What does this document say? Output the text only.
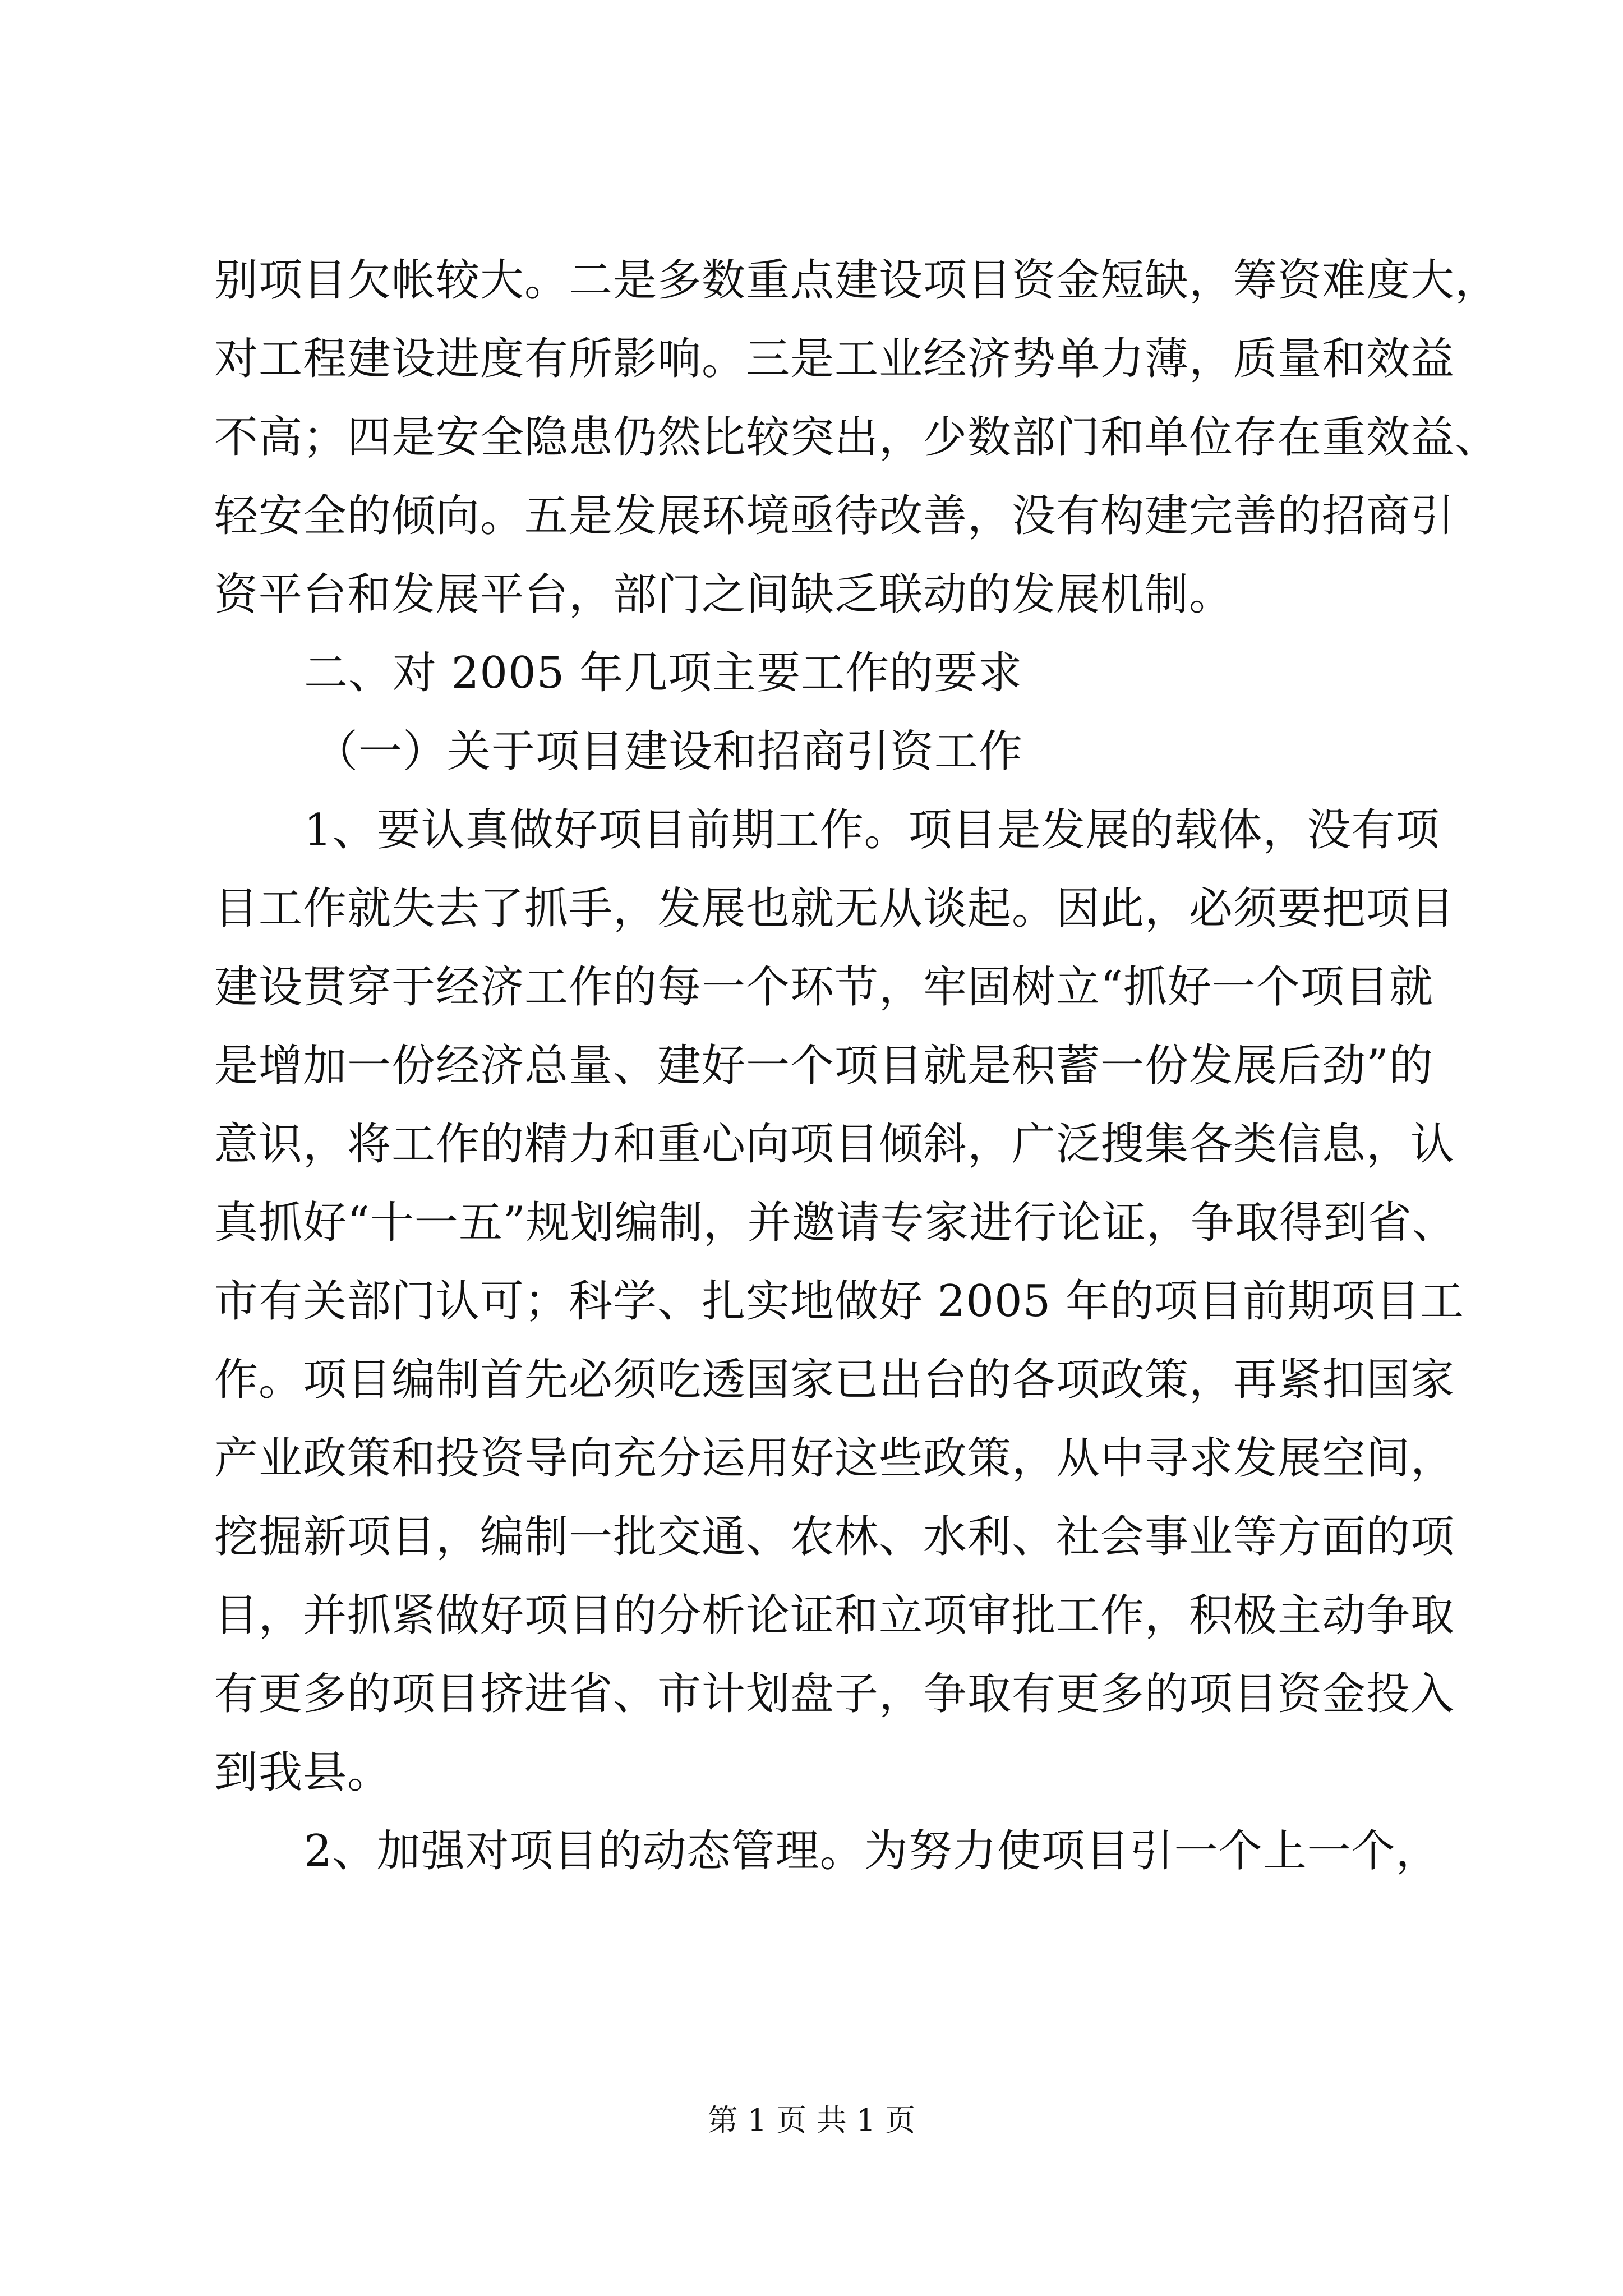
别项目欠帐较大。二是多数重点建设项目资金短缺，筹资难度大，
对工程建设进度有所影响。三是工业经济势单力薄，质量和效益
不高；四是安全隐患仍然比较突出，少数部门和单位存在重效益、
轻安全的倾向。五是发展环境亟待改善，没有构建完善的招商引
资平台和发展平台，部门之间缺乏联动的发展机制。
二、对 2005 年几项主要工作的要求
（一）关于项目建设和招商引资工作
1、要认真做好项目前期工作。项目是发展的载体，没有项
目工作就失去了抓手，发展也就无从谈起。因此，必须要把项目
建设贯穿于经济工作的每一个环节，牢固树立“抓好一个项目就
是增加一份经济总量、建好一个项目就是积蓄一份发展后劲”的
意识，将工作的精力和重心向项目倾斜，广泛搜集各类信息，认
真抓好“十一五”规划编制，并邀请专家进行论证，争取得到省、
市有关部门认可；科学、扎实地做好 2005 年的项目前期项目工
作。项目编制首先必须吃透国家已出台的各项政策，再紧扣国家
产业政策和投资导向充分运用好这些政策，从中寻求发展空间，
挖掘新项目，编制一批交通、农林、水利、社会事业等方面的项
目，并抓紧做好项目的分析论证和立项审批工作，积极主动争取
有更多的项目挤进省、市计划盘子，争取有更多的项目资金投入
到我县。
2、加强对项目的动态管理。为努力使项目引一个上一个，
第 1 页 共 1 页
